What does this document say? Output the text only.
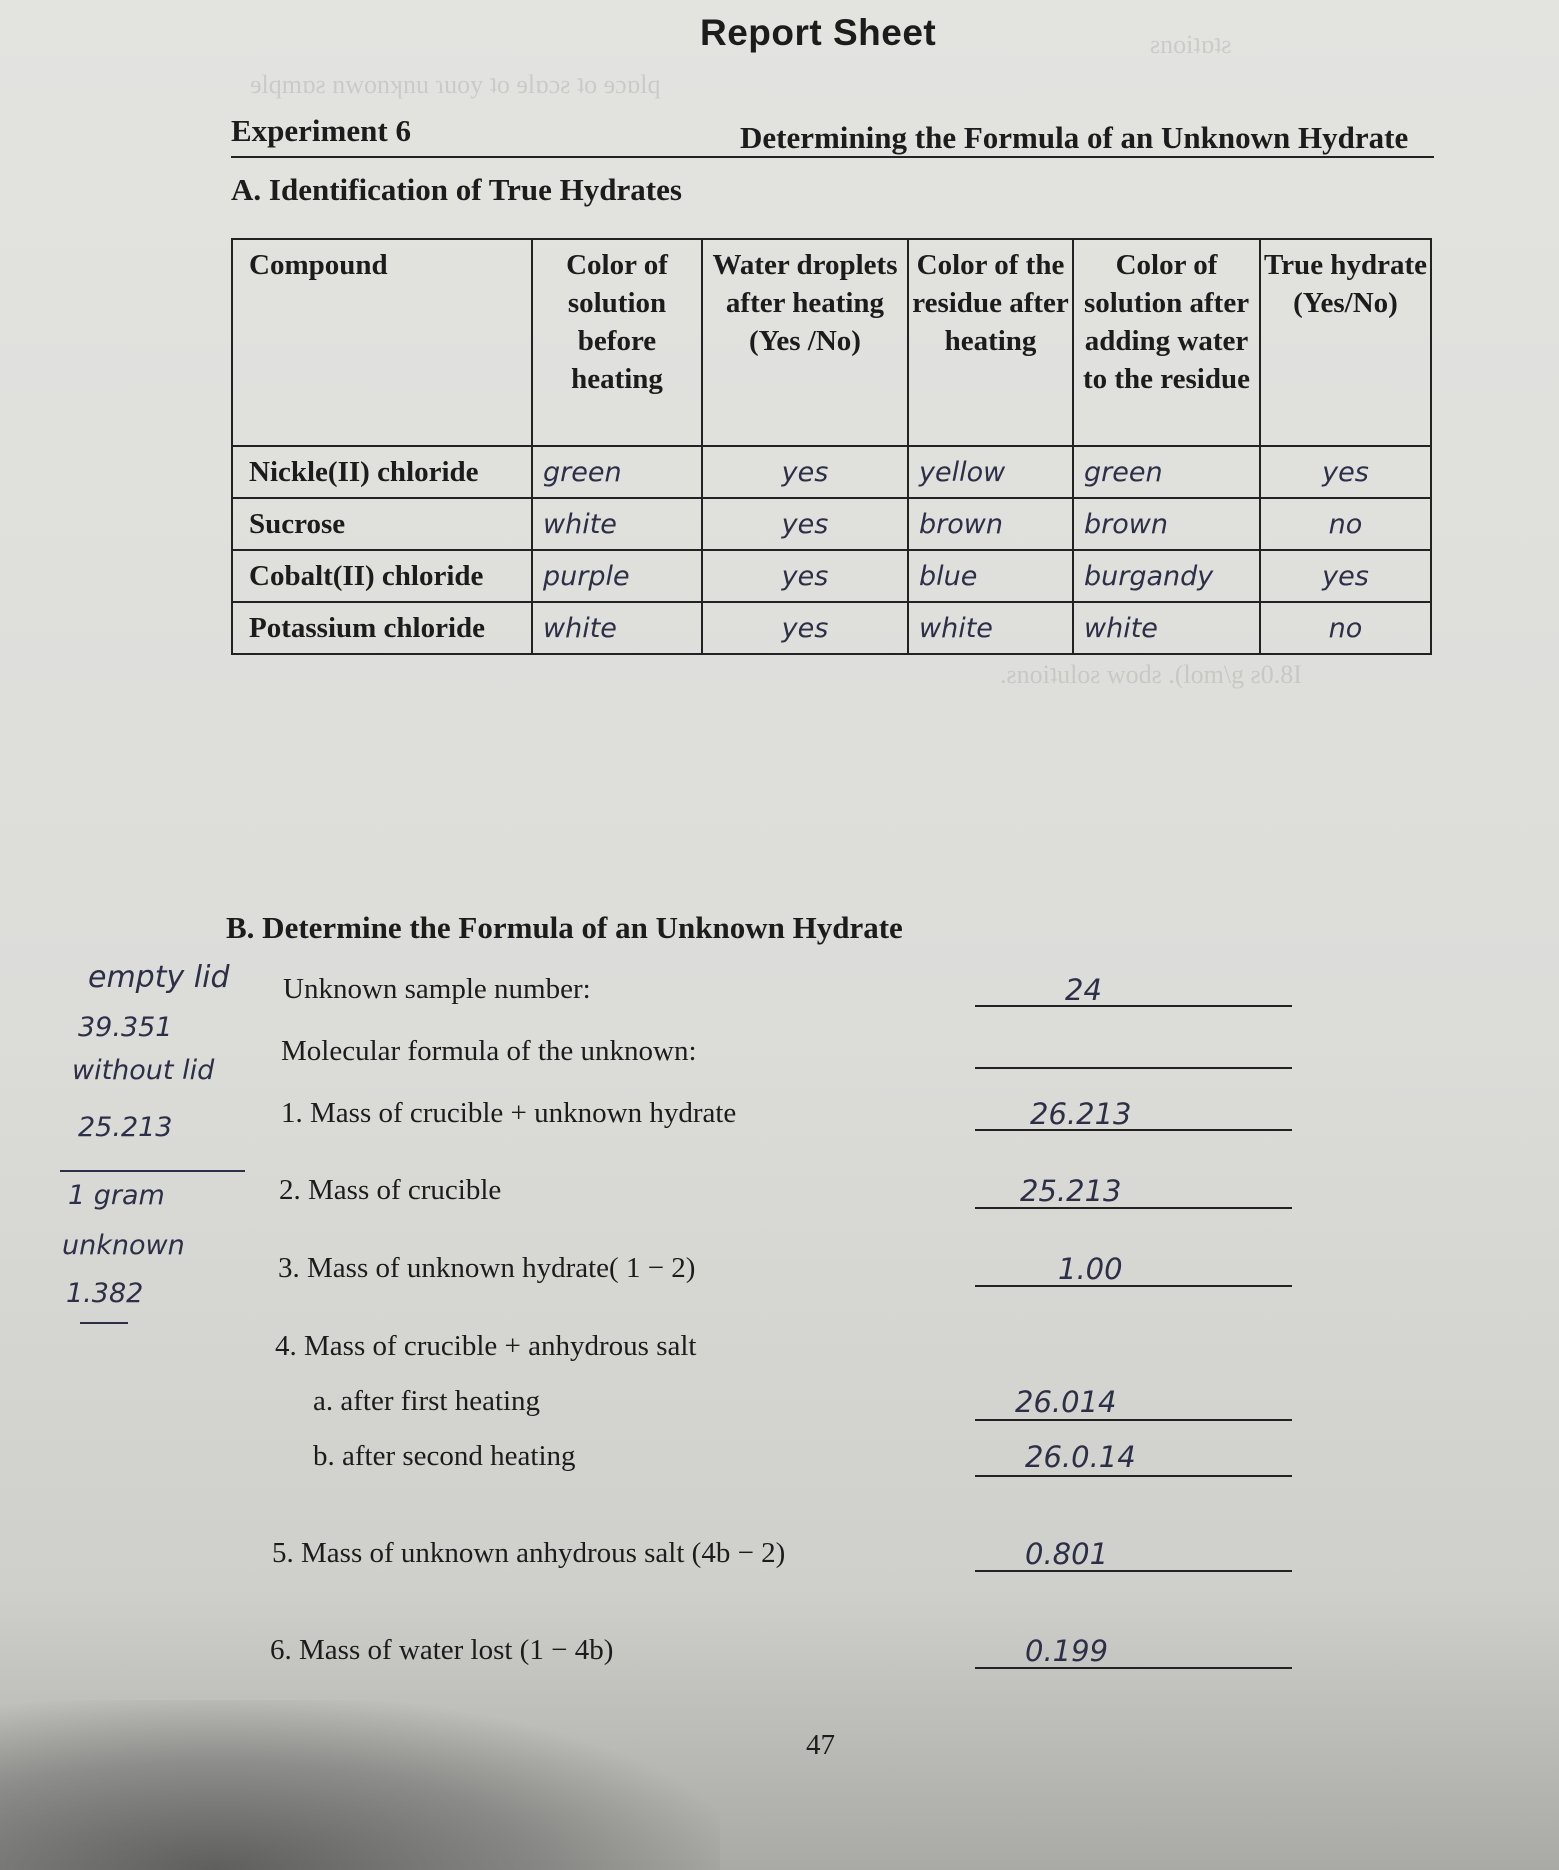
ɘlqmɒƨ nwonʞnu ɿuoy ʇo ɘlɒɔƨ ʇo ɘɔɒlq
.ƨnoiʇuloƨ wodƨ .(lom\g ƨ0.8I
ƨnoiʇɒʇƨ
Report Sheet
Experiment 6	Determining the Formula of an Unknown Hydrate
A. Identification of True Hydrates
Compound	Color of solution before heating	Water droplets after heating (Yes /No)	Color of the residue after heating	Color of solution after adding water to the residue	True hydrate (Yes/No)
Nickle(II) chloride	green	yes	yellow	green	yes
Sucrose	white	yes	brown	brown	no
Cobalt(II) chloride	purple	yes	blue	burgandy	yes
Potassium chloride	white	yes	white	white	no
B. Determine the Formula of an Unknown Hydrate
Unknown sample number:	24
Molecular formula of the unknown:
1. Mass of crucible + unknown hydrate	26.213
2. Mass of crucible	25.213
3. Mass of unknown hydrate( 1 − 2)	1.00
4. Mass of crucible + anhydrous salt
a. after first heating	26.014
b. after second heating	26.0.14
5. Mass of unknown anhydrous salt (4b − 2)	0.801
6. Mass of water lost (1 − 4b)	0.199
empty lid
39.351
without lid
25.213
1 gram
unknown
1.382
47
